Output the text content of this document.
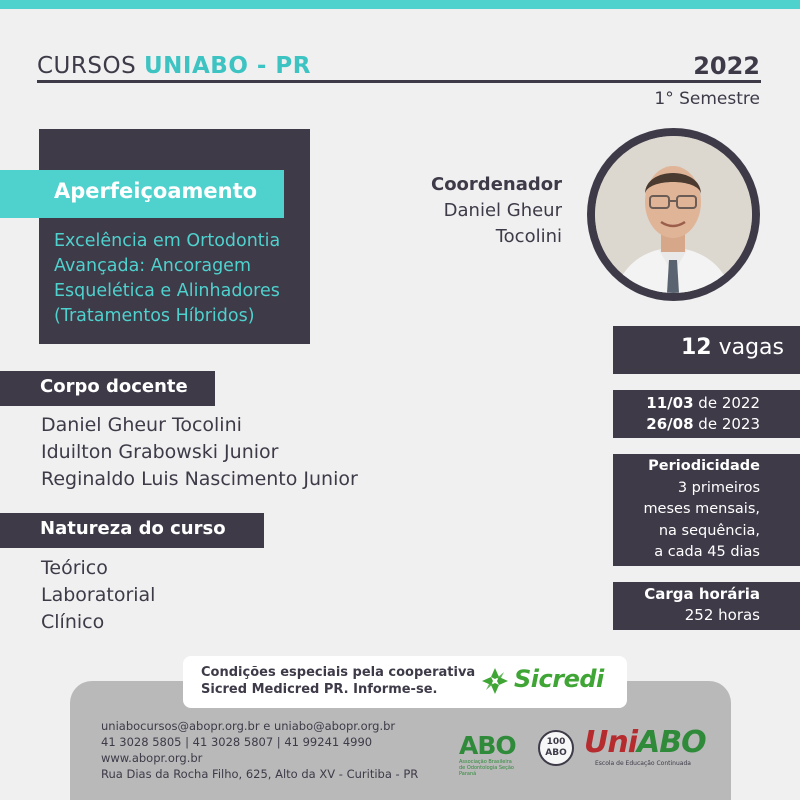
CURSOS UNIABO - PR	2022
1° Semestre
Aperfeiçoamento
Excelência em Ortodontia
Avançada: Ancoragem
Esquelética e Alinhadores
(Tratamentos Híbridos)
Coordenador
Daniel Gheur
Tocolini
Corpo docente
Daniel Gheur Tocolini
Iduilton Grabowski Junior
Reginaldo Luis Nascimento Junior
Natureza do curso
Teórico
Laboratorial
Clínico
12 vagas
11/03 de 2022
26/08 de 2023
Periodicidade
3 primeiros
meses mensais,
na sequência,
a cada 45 dias
Carga horária
252 horas
Condições especiais pela cooperativa
Sicred Medicred PR. Informe-se.	Sicredi
uniabocursos@abopr.org.br e uniabo@abopr.org.br
41 3028 5805 | 41 3028 5807 | 41 99241 4990
www.abopr.org.br
Rua Dias da Rocha Filho, 625, Alto da XV - Curitiba - PR
ABO
Associação Brasileira de Odontologia Seção Paraná
100
ABO UniABO
Escola de Educação Continuada
